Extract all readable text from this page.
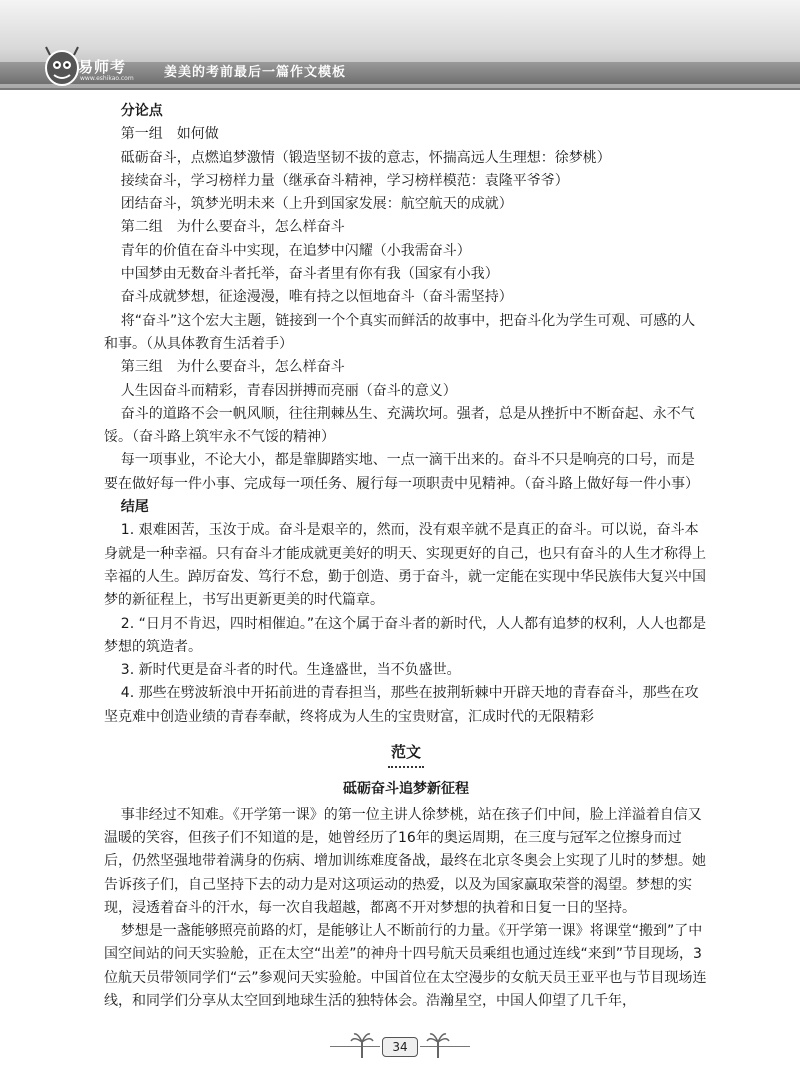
易师考
www.eshikao.com 姜美的考前最后一篇作文模板

分论点

第一组　如何做

砥砺奋斗，点燃追梦激情（锻造坚韧不拔的意志，怀揣高远人生理想：徐梦桃）

接续奋斗，学习榜样力量（继承奋斗精神，学习榜样模范：袁隆平爷爷）

团结奋斗，筑梦光明未来（上升到国家发展：航空航天的成就）

第二组　为什么要奋斗，怎么样奋斗

青年的价值在奋斗中实现，在追梦中闪耀（小我需奋斗）

中国梦由无数奋斗者托举，奋斗者里有你有我（国家有小我）

奋斗成就梦想，征途漫漫，唯有持之以恒地奋斗（奋斗需坚持）

将“奋斗”这个宏大主题，链接到一个个真实而鲜活的故事中，把奋斗化为学生可观、可感的人和事。（从具体教育生活着手）

第三组　为什么要奋斗，怎么样奋斗

人生因奋斗而精彩，青春因拼搏而亮丽（奋斗的意义）

奋斗的道路不会一帆风顺，往往荆棘丛生、充满坎坷。强者，总是从挫折中不断奋起、永不气馁。（奋斗路上筑牢永不气馁的精神）

每一项事业，不论大小，都是靠脚踏实地、一点一滴干出来的。奋斗不只是响亮的口号，而是要在做好每一件小事、完成每一项任务、履行每一项职责中见精神。（奋斗路上做好每一件小事）

结尾

1. 艰难困苦，玉汝于成。奋斗是艰辛的，然而，没有艰辛就不是真正的奋斗。可以说，奋斗本身就是一种幸福。只有奋斗才能成就更美好的明天、实现更好的自己，也只有奋斗的人生才称得上幸福的人生。踔厉奋发、笃行不怠，勤于创造、勇于奋斗，就一定能在实现中华民族伟大复兴中国梦的新征程上，书写出更新更美的时代篇章。

2. “日月不肯迟，四时相催迫。”在这个属于奋斗者的新时代，人人都有追梦的权利，人人也都是梦想的筑造者。

3. 新时代更是奋斗者的时代。生逢盛世，当不负盛世。

4. 那些在劈波斩浪中开拓前进的青春担当，那些在披荆斩棘中开辟天地的青春奋斗，那些在攻坚克难中创造业绩的青春奉献，终将成为人生的宝贵财富，汇成时代的无限精彩

范文

砥砺奋斗追梦新征程

事非经过不知难。《开学第一课》的第一位主讲人徐梦桃，站在孩子们中间，脸上洋溢着自信又温暖的笑容，但孩子们不知道的是，她曾经历了16年的奥运周期，在三度与冠军之位擦身而过后，仍然坚强地带着满身的伤病、增加训练难度备战，最终在北京冬奥会上实现了儿时的梦想。她告诉孩子们，自己坚持下去的动力是对这项运动的热爱，以及为国家赢取荣誉的渴望。梦想的实现，浸透着奋斗的汗水，每一次自我超越，都离不开对梦想的执着和日复一日的坚持。

梦想是一盏能够照亮前路的灯，是能够让人不断前行的力量。《开学第一课》将课堂“搬到”了中国空间站的问天实验舱，正在太空“出差”的神舟十四号航天员乘组也通过连线“来到”节目现场，3位航天员带领同学们“云”参观问天实验舱。中国首位在太空漫步的女航天员王亚平也与节目现场连线，和同学们分享从太空回到地球生活的独特体会。浩瀚星空，中国人仰望了几千年，

34
